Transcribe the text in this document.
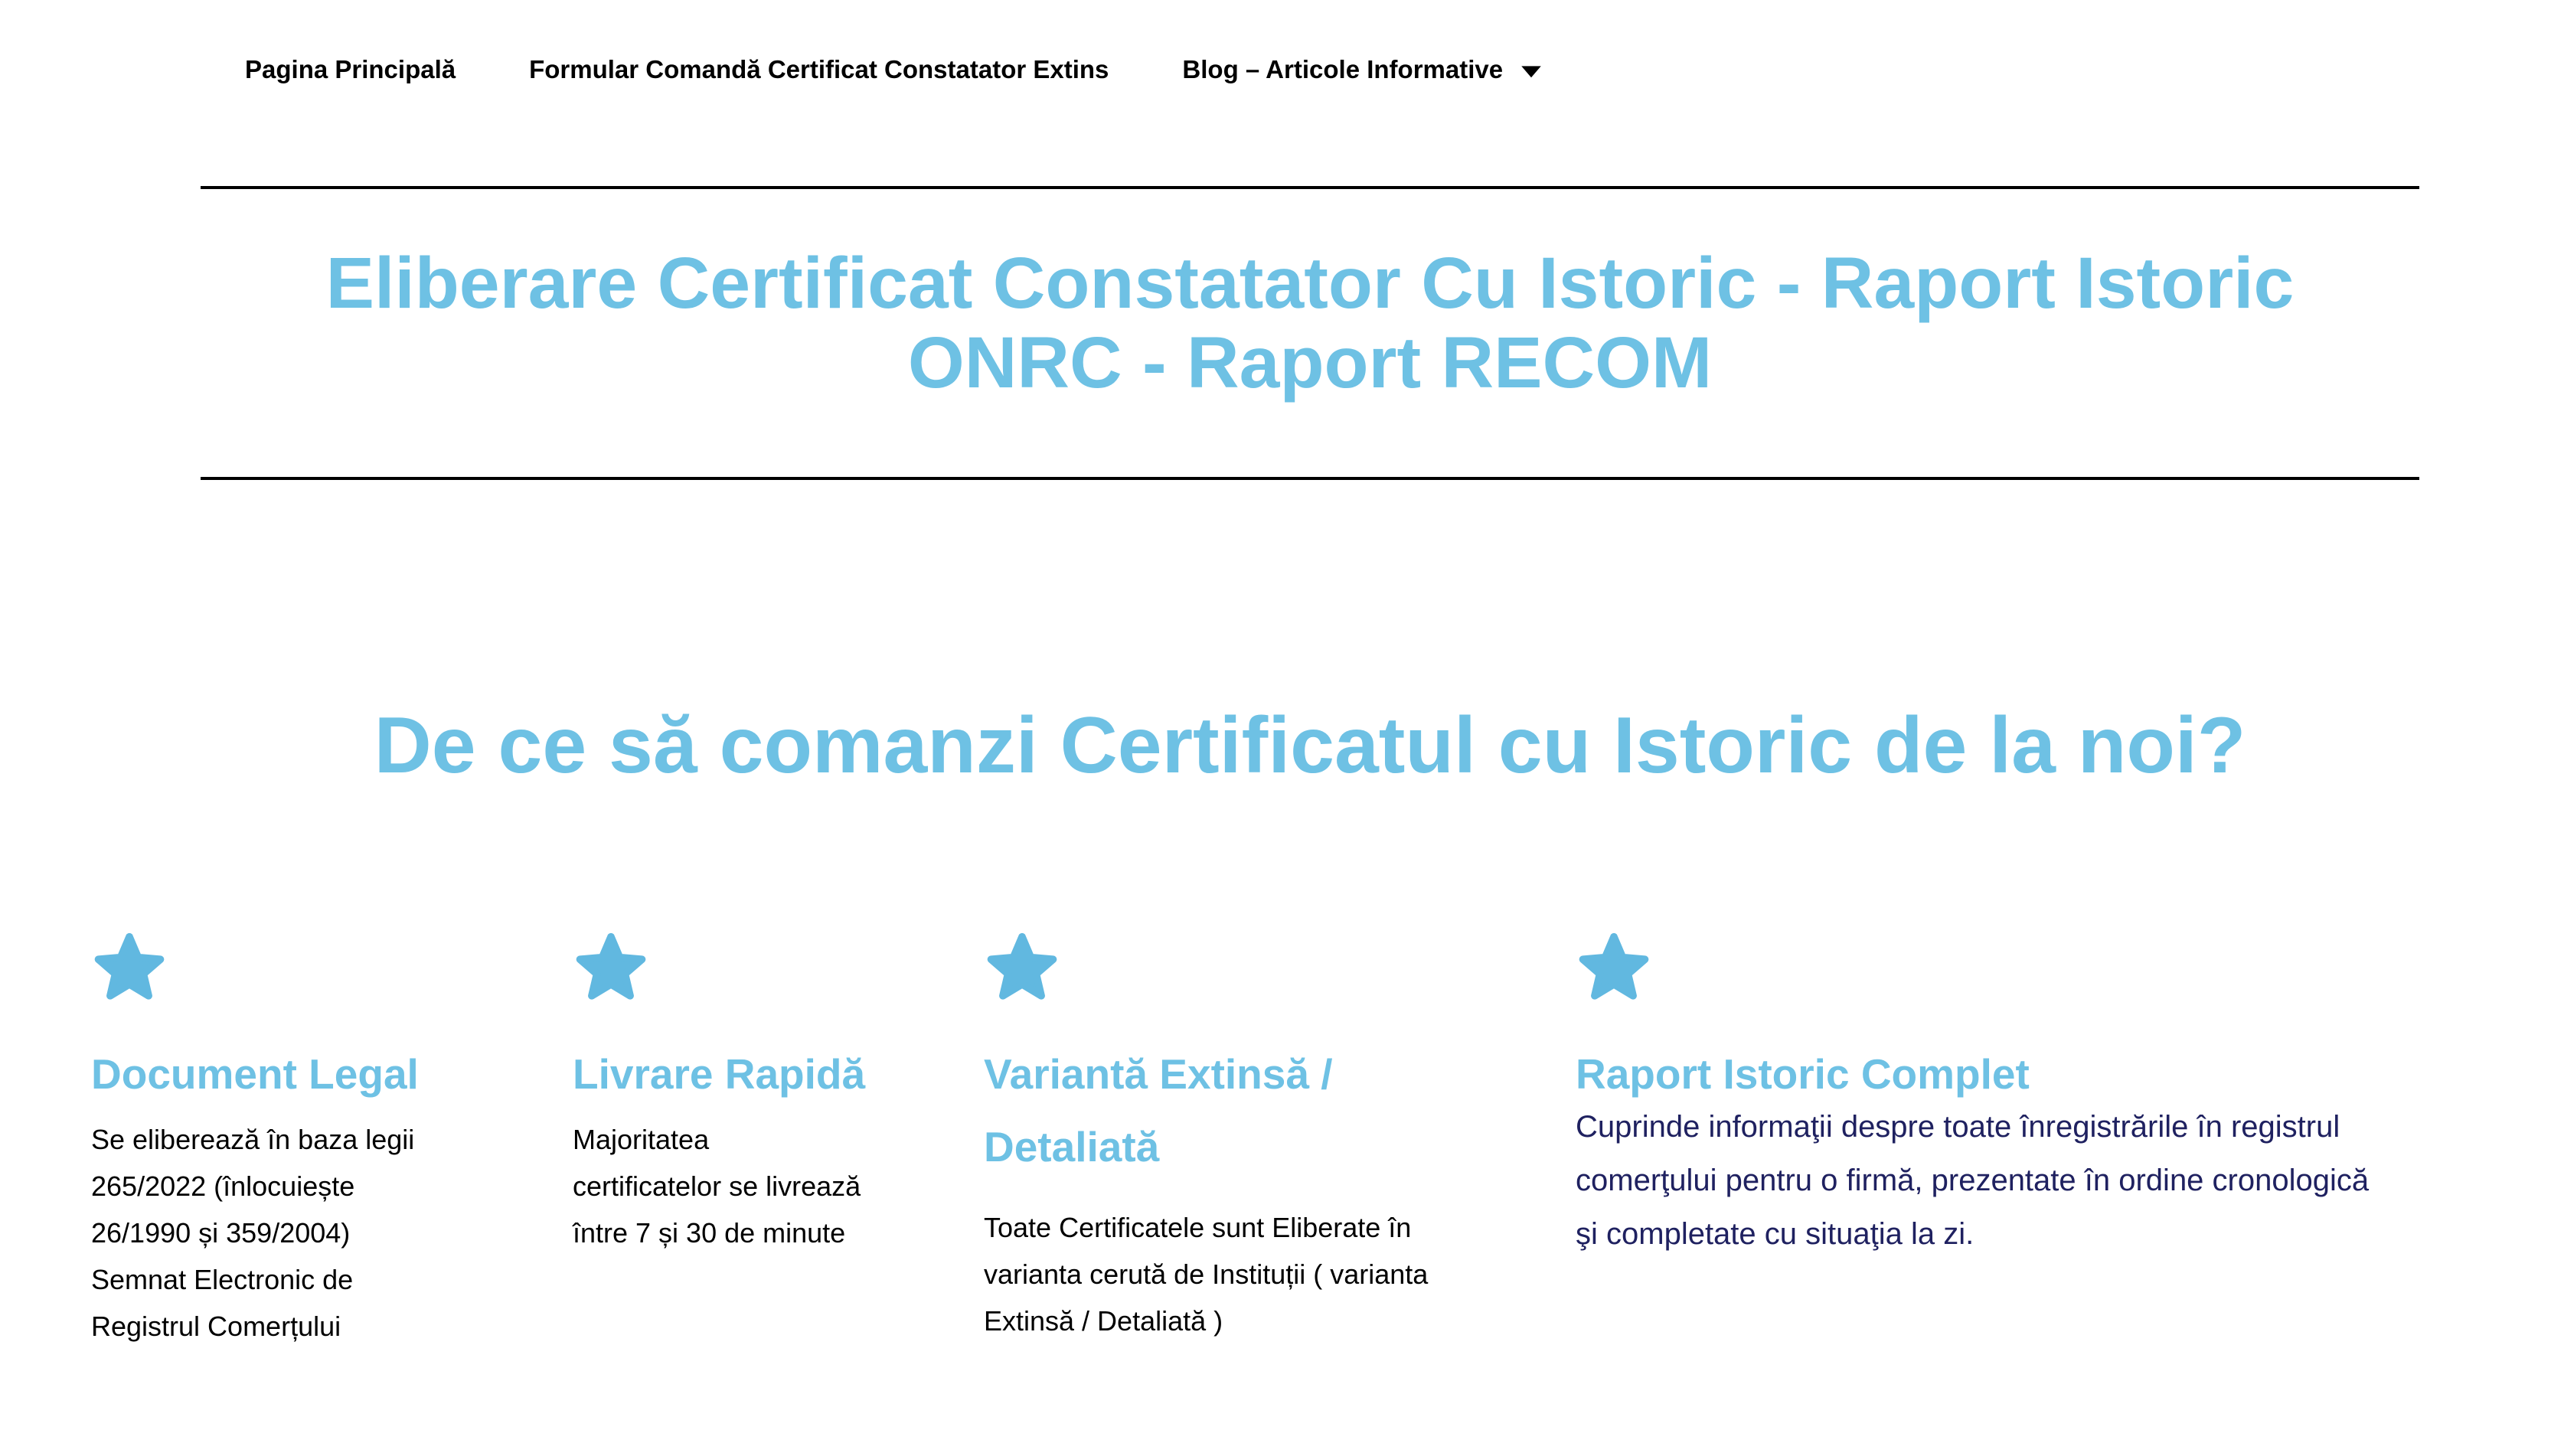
Pagina Principală	Formular Comandă Certificat Constatator Extins	Blog – Articole Informative
Eliberare Certificat Constatator Cu Istoric - Raport Istoric
ONRC - Raport RECOM
De ce să comanzi Certificatul cu Istoric de la noi?
Document Legal
Se eliberează în baza legii
265/2022 (înlocuiește
26/1990 și 359/2004)
Semnat Electronic de
Registrul Comerțului
Livrare Rapidă
Majoritatea
certificatelor se livrează
între 7 și 30 de minute
Variantă Extinsă /
Detaliată
Toate Certificatele sunt Eliberate în
varianta cerută de Instituții ( varianta
Extinsă / Detaliată )
Raport Istoric Complet
Cuprinde informaţii despre toate înregistrările în registrul
comerţului pentru o firmă, prezentate în ordine cronologică
şi completate cu situaţia la zi.
